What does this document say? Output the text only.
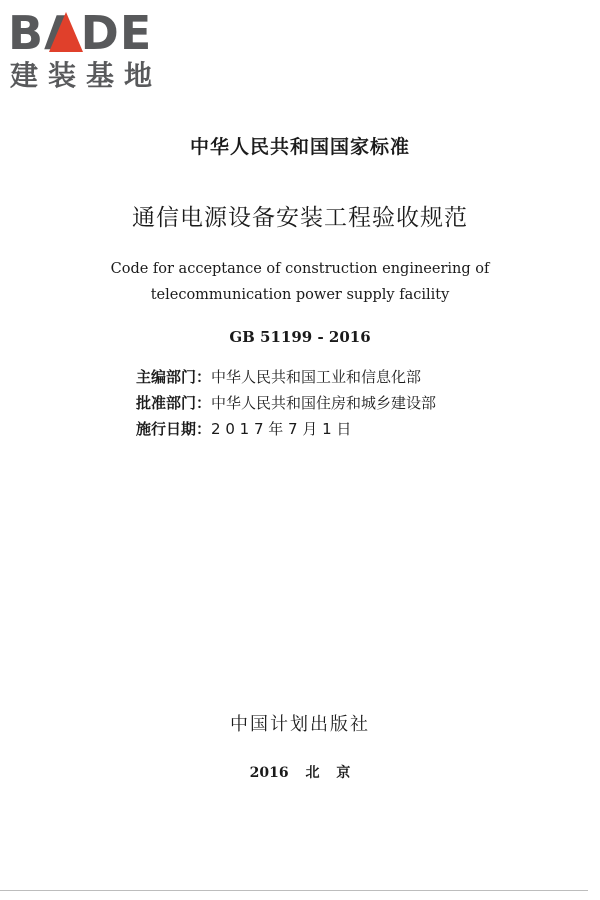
BADE
建装基地
中华人民共和国国家标准
通信电源设备安装工程验收规范
Code for acceptance of construction engineering of
telecommunication power supply facility
GB 51199 - 2016
主编部门：中华人民共和国工业和信息化部
批准部门：中华人民共和国住房和城乡建设部
施行日期：2 0 1 7 年 7 月 1 日
中国计划出版社
2016 北 京
